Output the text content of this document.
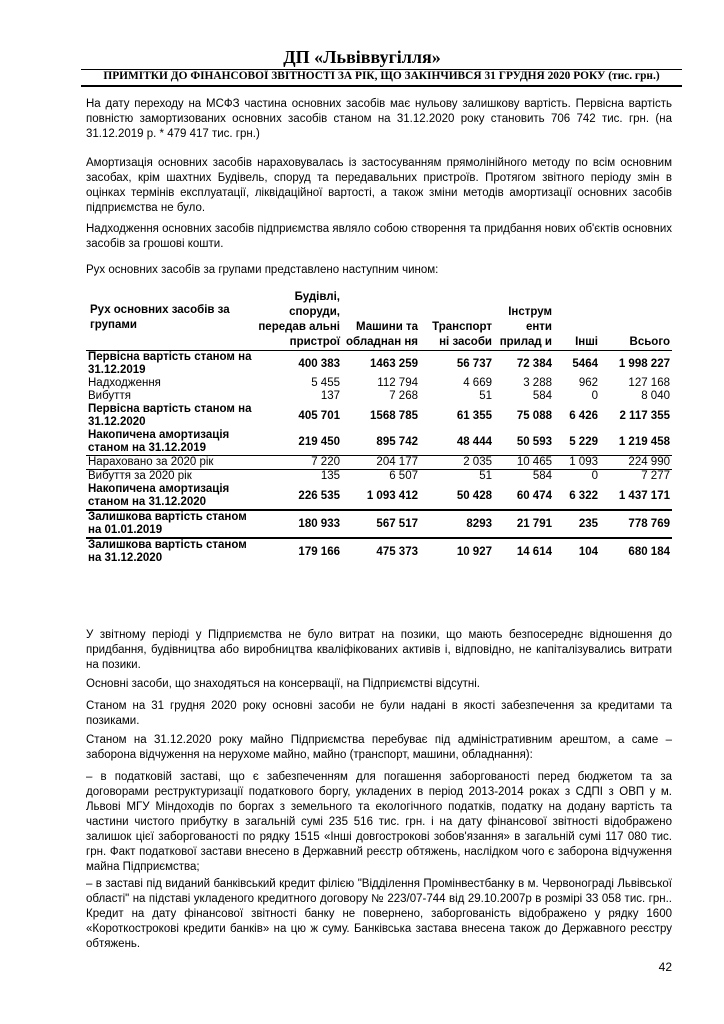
ДП «Львіввугілля»
ПРИМІТКИ ДО ФІНАНСОВОЇ ЗВІТНОСТІ ЗА РІК, ЩО ЗАКІНЧИВСЯ 31 ГРУДНЯ 2020 РОКУ (тис. грн.)

На дату переходу на МСФЗ частина основних засобів має нульову залишкову вартість. Первісна вартість повністю замортизованих основних засобів станом на 31.12.2020 року становить 706 742 тис. грн. (на 31.12.2019 р. * 479 417 тис. грн.)

Амортизація основних засобів нараховувалась із застосуванням прямолінійного методу по всім основним засобах, крім шахтних Будівель, споруд та передавальних пристроїв. Протягом звітного періоду змін в оцінках термінів експлуатації, ліквідаційної вартості, а також зміни методів амортизації основних засобів підприємства не було.

Надходження основних засобів підприємства являло собою створення та придбання нових об'єктів основних засобів за грошові кошти.

Рух основних засобів за групами представлено наступним чином:

Рух основних засобів за групами	Будівлі, споруди, передав альні пристрої	Машини та обладнан ня	Транспорт ні засоби	Інструм енти прилад и	Інші	Всього
Первісна вартість станом на 31.12.2019	400 383	1463 259	56 737	72 384	5464	1 998 227
Надходження	5 455	112 794	4 669	3 288	962	127 168
Вибуття	137	7 268	51	584	0	8 040
Первісна вартість станом на 31.12.2020	405 701	1568 785	61 355	75 088	6 426	2 117 355
Накопичена амортизація станом на 31.12.2019	219 450	895 742	48 444	50 593	5 229	1 219 458
Нараховано за 2020 рік	7 220	204 177	2 035	10 465	1 093	224 990
Вибуття за 2020 рік	135	6 507	51	584	0	7 277
Накопичена амортизація станом на 31.12.2020	226 535	1 093 412	50 428	60 474	6 322	1 437 171
Залишкова вартість станом на 01.01.2019	180 933	567 517	8293	21 791	235	778 769
Залишкова вартість станом на 31.12.2020	179 166	475 373	10 927	14 614	104	680 184

У звітному періоді у Підприємства не було витрат на позики, що мають безпосереднє відношення до придбання, будівництва або виробництва кваліфікованих активів і, відповідно, не капіталізувались витрати на позики.

Основні засоби, що знаходяться на консервації, на Підприємстві відсутні.

Станом на 31 грудня 2020 року основні засоби не були надані в якості забезпечення за кредитами та позиками.

Станом на 31.12.2020 року майно Підприємства перебуває під адміністративним арештом, а саме – заборона відчуження на нерухоме майно, майно (транспорт, машини, обладнання):

– в податковій заставі, що є забезпеченням для погашення заборгованості перед бюджетом та за договорами реструктуризації податкового боргу, укладених в період 2013-2014 роках з СДПІ з ОВП у м. Львові МГУ Міндоходів по боргах з земельного та екологічного податків, податку на додану вартість та частини чистого прибутку в загальній сумі 235 516 тис. грн. і на дату фінансової звітності відображено залишок цієї заборгованості по рядку 1515 «Інші довгострокові зобов'язання» в загальній сумі 117 080 тис. грн. Факт податкової застави внесено в Державний реєстр обтяжень, наслідком чого є заборона відчуження майна Підприємства;

– в заставі під виданий банківський кредит філією "Відділення Промінвестбанку в м. Червонограді Львівської області" на підставі укладеного кредитного договору № 223/07-744 від 29.10.2007р в розмірі 33 058 тис. грн.. Кредит на дату фінансової звітності банку не повернено, заборгованість відображено у рядку 1600 «Короткострокові кредити банків» на цю ж суму. Банківська застава внесена також до Державного реєстру обтяжень.

42
